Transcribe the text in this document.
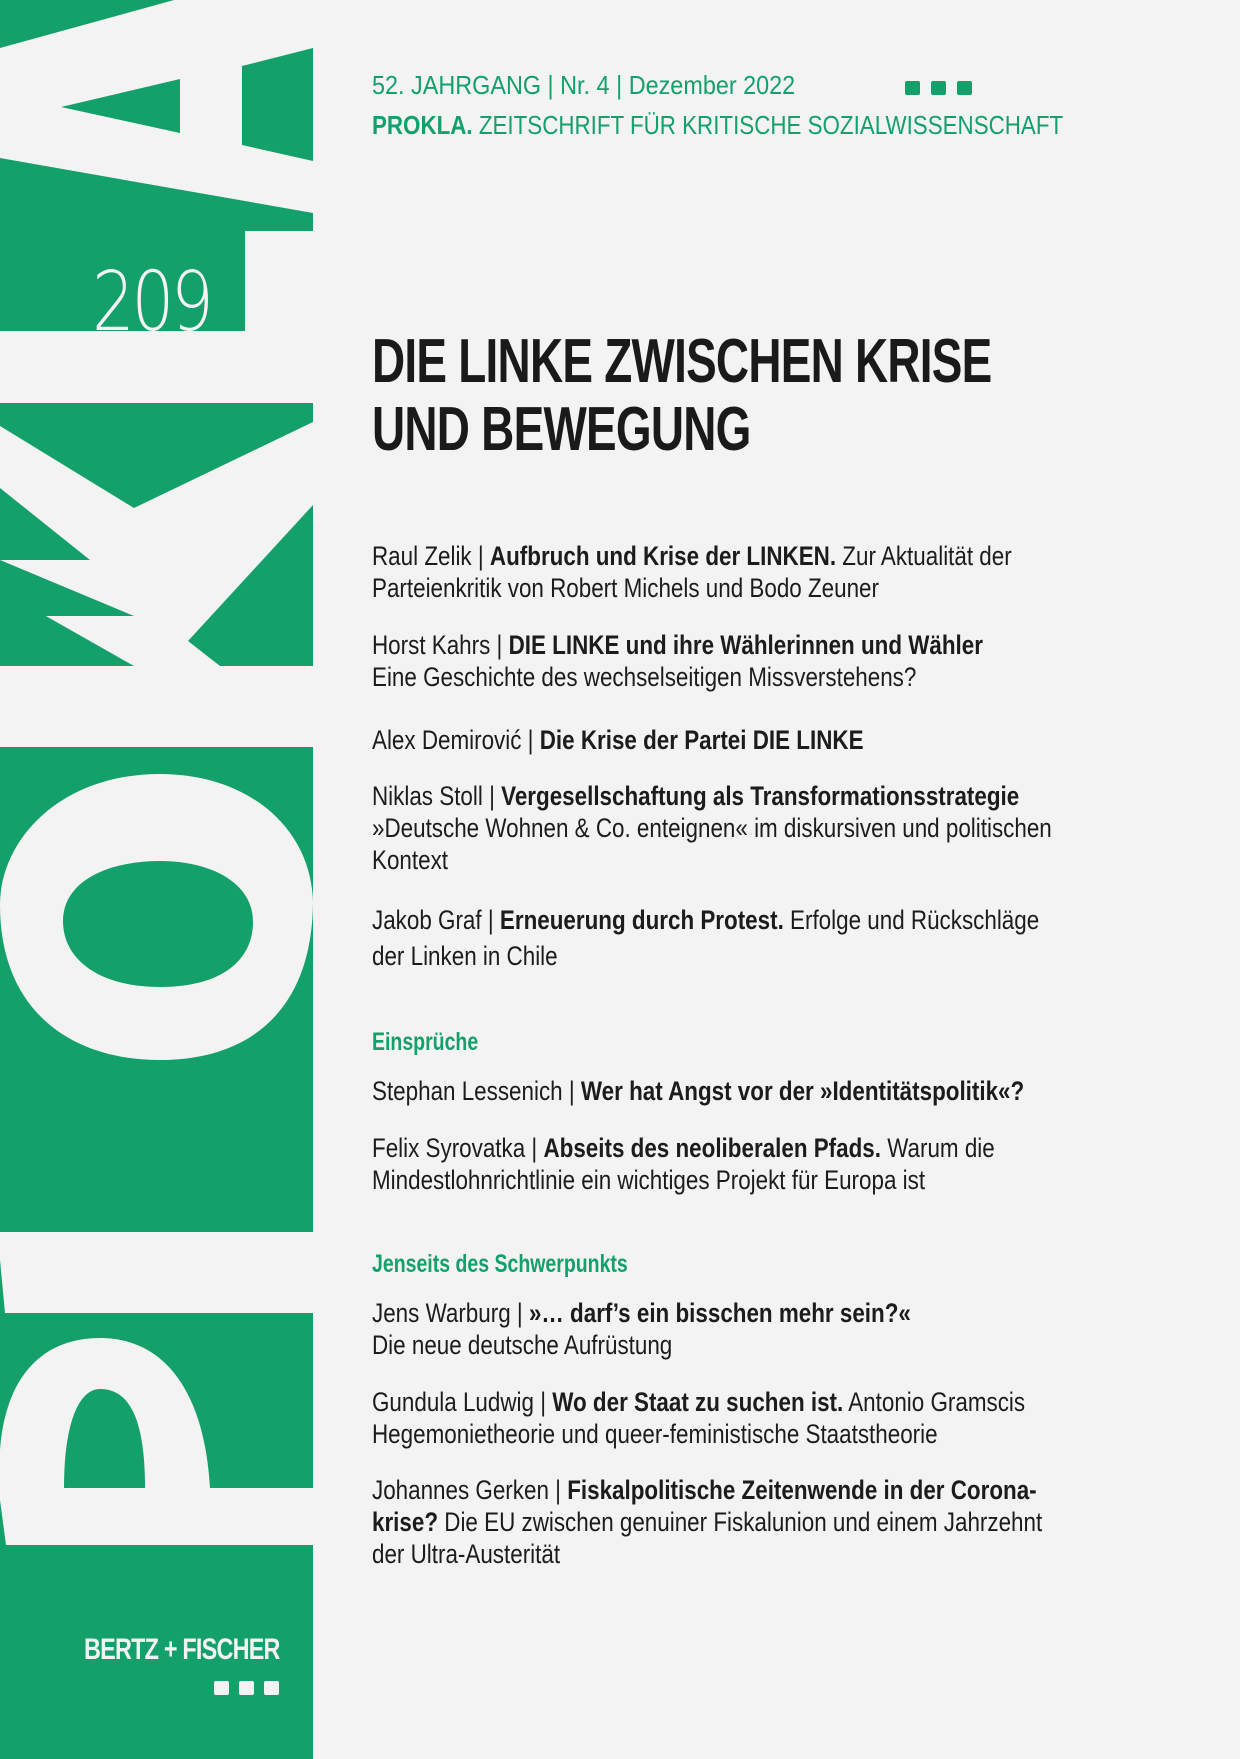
209
BERTZ + FISCHER
52. JAHRGANG | Nr. 4 | Dezember 2022
PROKLA. ZEITSCHRIFT FÜR KRITISCHE SOZIALWISSENSCHAFT
DIE LINKE ZWISCHEN KRISE
UND BEWEGUNG
Raul Zelik | Aufbruch und Krise der LINKEN. Zur Aktualität der
Parteienkritik von Robert Michels und Bodo Zeuner
Horst Kahrs | DIE LINKE und ihre Wählerinnen und Wähler
Eine Geschichte des wechselseitigen Missverstehens?
Alex Demirović | Die Krise der Partei DIE LINKE
Niklas Stoll | Vergesellschaftung als Transformationsstrategie
»Deutsche Wohnen & Co. enteignen« im diskursiven und politischen
Kontext
Jakob Graf | Erneuerung durch Protest. Erfolge und Rückschläge
der Linken in Chile
Einsprüche
Stephan Lessenich | Wer hat Angst vor der »Identitätspolitik«?
Felix Syrovatka | Abseits des neoliberalen Pfads. Warum die
Mindestlohnrichtlinie ein wichtiges Projekt für Europa ist
Jenseits des Schwerpunkts
Jens Warburg | »… darf’s ein bisschen mehr sein?«
Die neue deutsche Aufrüstung
Gundula Ludwig | Wo der Staat zu suchen ist. Antonio Gramscis
Hegemonietheorie und queer-feministische Staatstheorie
Johannes Gerken | Fiskalpolitische Zeitenwende in der Corona-
krise? Die EU zwischen genuiner Fiskalunion und einem Jahrzehnt
der Ultra-Austerität
